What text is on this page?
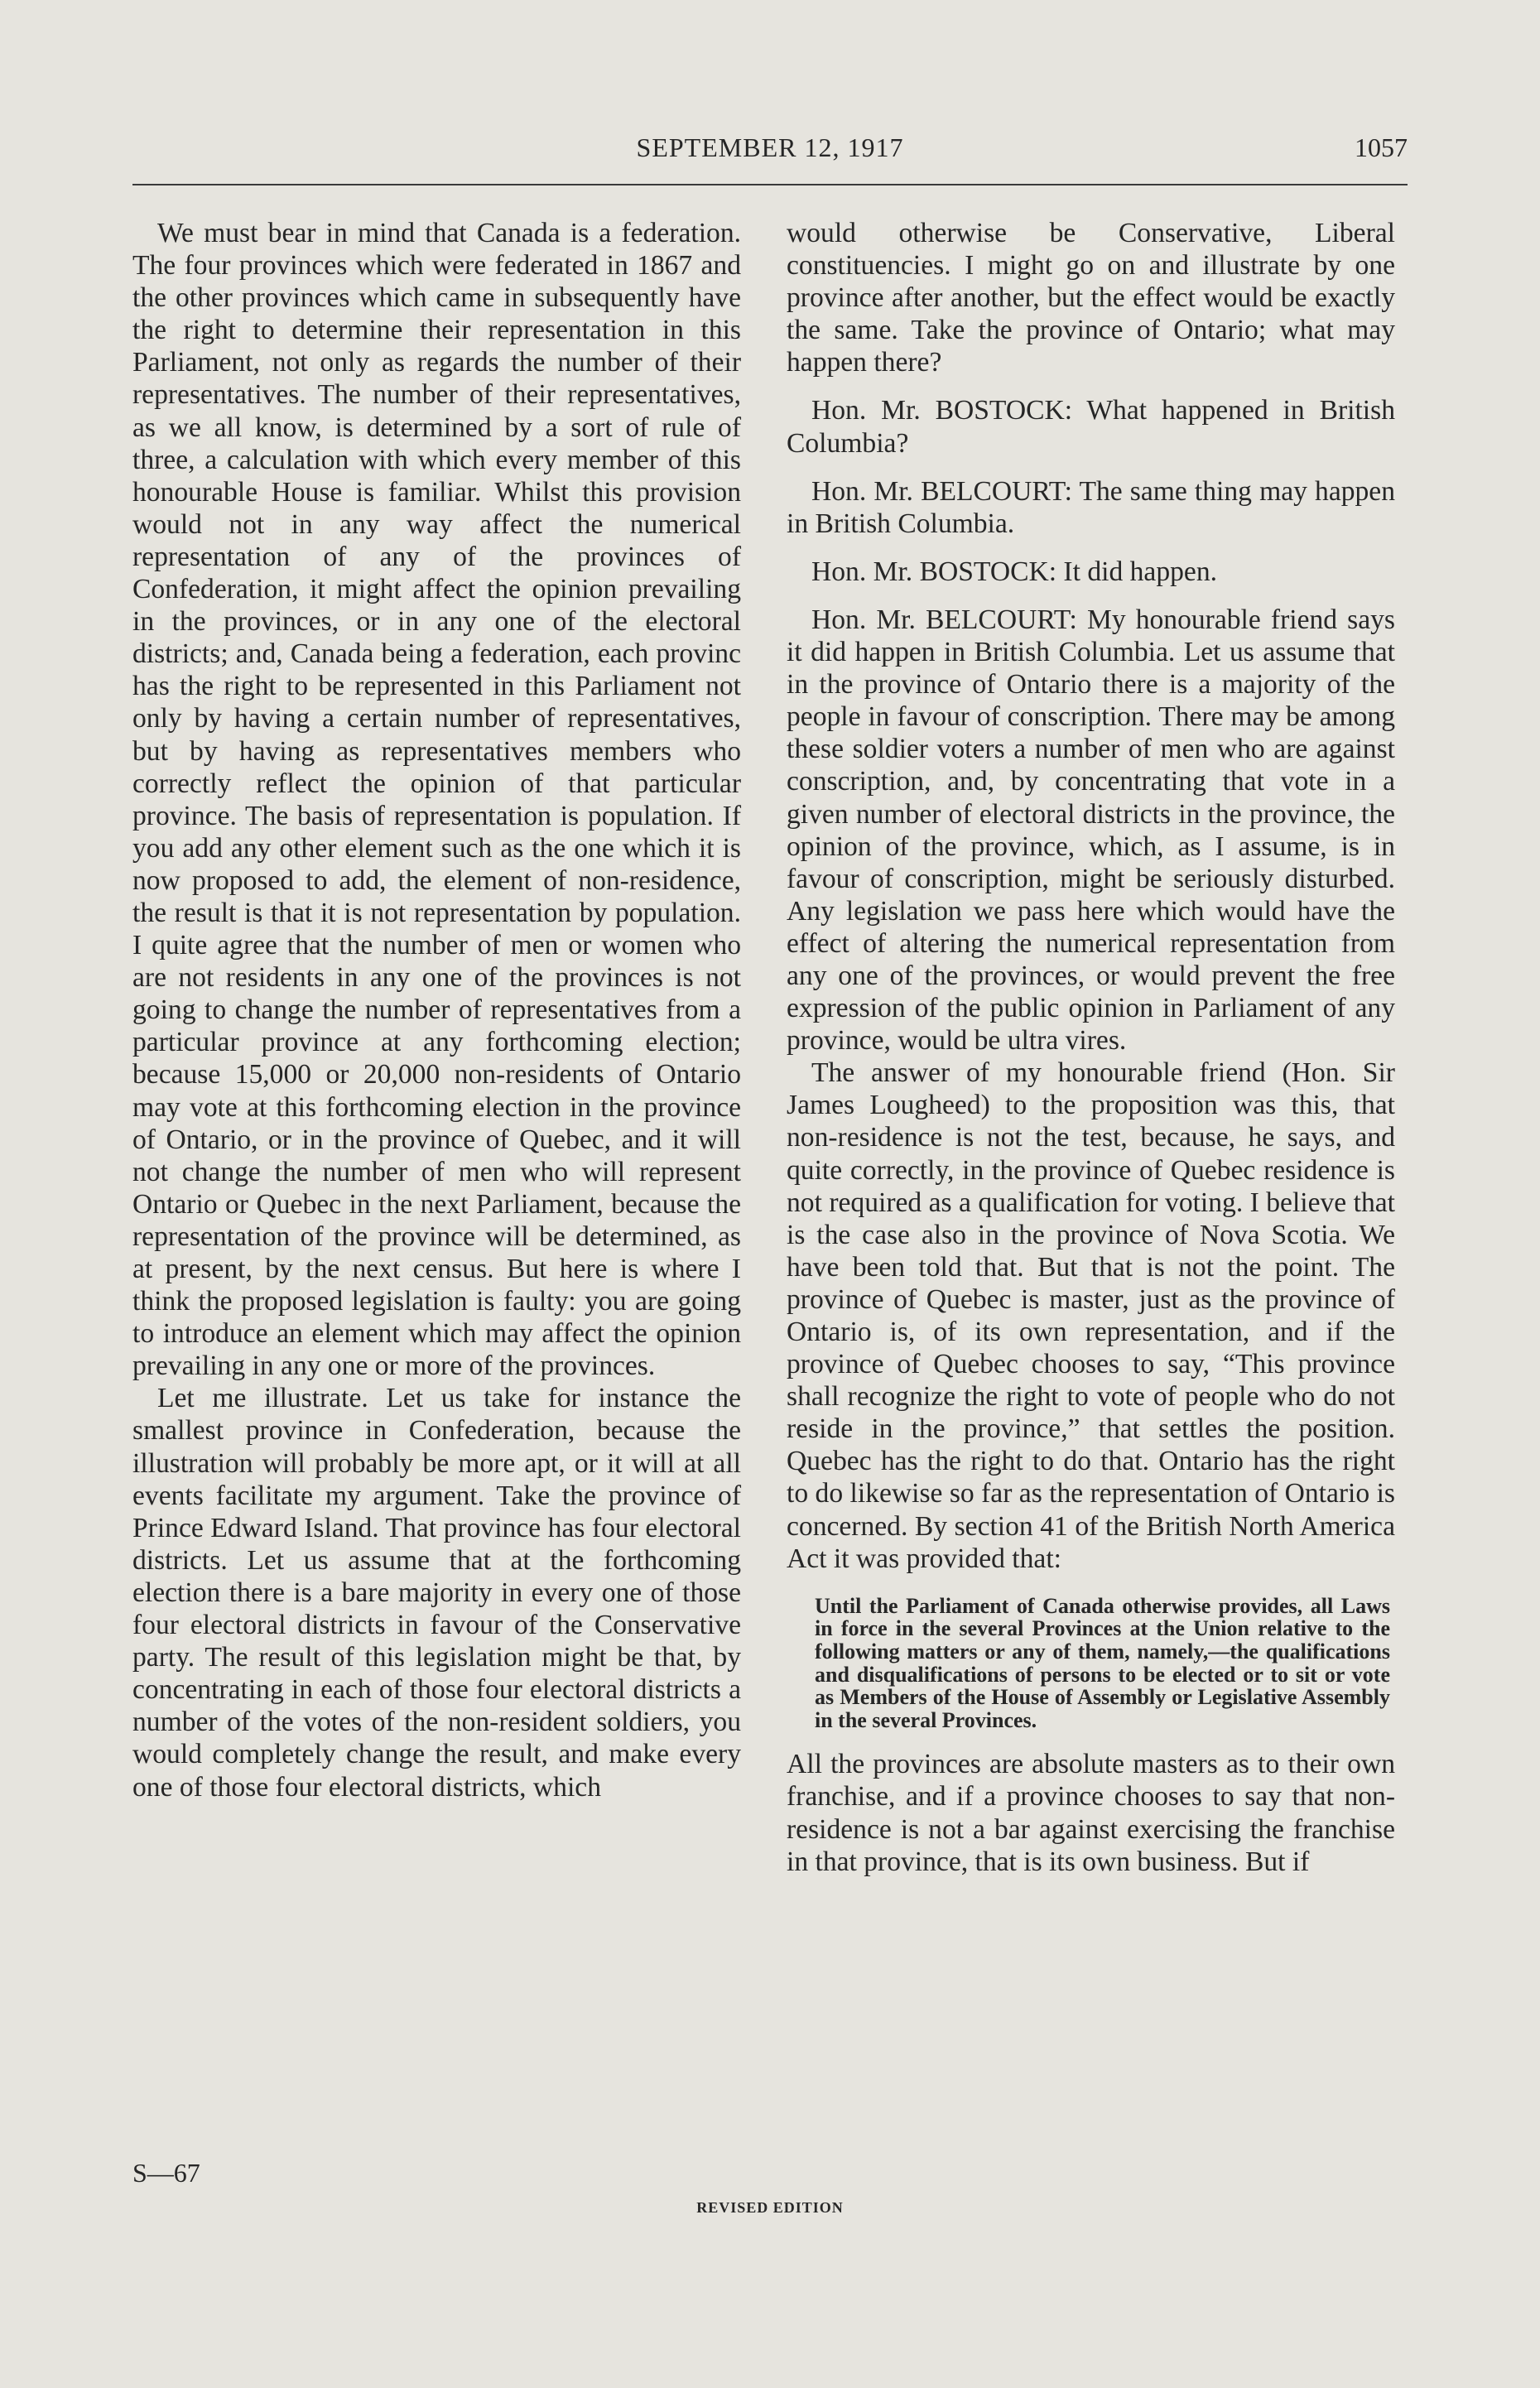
SEPTEMBER 12, 1917	1057

We must bear in mind that Canada is a federation. The four provinces which were federated in 1867 and the other provinces which came in subsequently have the right to determine their representation in this Parliament, not only as regards the number of their representatives. The number of their representatives, as we all know, is determined by a sort of rule of three, a calculation with which every member of this honourable House is familiar. Whilst this provision would not in any way affect the numerical representation of any of the provinces of Confederation, it might affect the opinion prevailing in the provinces, or in any one of the electoral districts; and, Canada being a federation, each provinc has the right to be represented in this Parliament not only by having a certain number of representatives, but by having as representatives members who correctly reflect the opinion of that particular province. The basis of representation is population. If you add any other element such as the one which it is now proposed to add, the element of non-residence, the result is that it is not representation by population. I quite agree that the number of men or women who are not residents in any one of the provinces is not going to change the number of representatives from a particular province at any forthcoming election; because 15,000 or 20,000 non-residents of Ontario may vote at this forthcoming election in the province of Ontario, or in the province of Quebec, and it will not change the number of men who will represent Ontario or Quebec in the next Parliament, because the representation of the province will be determined, as at present, by the next census. But here is where I think the proposed legislation is faulty: you are going to introduce an element which may affect the opinion prevailing in any one or more of the provinces.

Let me illustrate. Let us take for instance the smallest province in Confederation, because the illustration will probably be more apt, or it will at all events facilitate my argument. Take the province of Prince Edward Island. That province has four electoral districts. Let us assume that at the forthcoming election there is a bare majority in every one of those four electoral districts in favour of the Conservative party. The result of this legislation might be that, by concentrating in each of those four electoral districts a number of the votes of the non-resident soldiers, you would completely change the result, and make every one of those four electoral districts, which

would otherwise be Conservative, Liberal constituencies. I might go on and illustrate by one province after another, but the effect would be exactly the same. Take the province of Ontario; what may happen there?

Hon. Mr. BOSTOCK: What happened in British Columbia?

Hon. Mr. BELCOURT: The same thing may happen in British Columbia.

Hon. Mr. BOSTOCK: It did happen.

Hon. Mr. BELCOURT: My honourable friend says it did happen in British Columbia. Let us assume that in the province of Ontario there is a majority of the people in favour of conscription. There may be among these soldier voters a number of men who are against conscription, and, by concentrating that vote in a given number of electoral districts in the province, the opinion of the province, which, as I assume, is in favour of conscription, might be seriously disturbed. Any legislation we pass here which would have the effect of altering the numerical representation from any one of the provinces, or would prevent the free expression of the public opinion in Parliament of any province, would be ultra vires.

The answer of my honourable friend (Hon. Sir James Lougheed) to the proposition was this, that non-residence is not the test, because, he says, and quite correctly, in the province of Quebec residence is not required as a qualification for voting. I believe that is the case also in the province of Nova Scotia. We have been told that. But that is not the point. The province of Quebec is master, just as the province of Ontario is, of its own representation, and if the province of Quebec chooses to say, “This province shall recognize the right to vote of people who do not reside in the province,” that settles the position. Quebec has the right to do that. Ontario has the right to do likewise so far as the representation of Ontario is concerned. By section 41 of the British North America Act it was provided that:

Until the Parliament of Canada otherwise provides, all Laws in force in the several Provinces at the Union relative to the following matters or any of them, namely,—the qualifications and disqualifications of persons to be elected or to sit or vote as Members of the House of Assembly or Legislative Assembly in the several Provinces.

All the provinces are absolute masters as to their own franchise, and if a province chooses to say that non-residence is not a bar against exercising the franchise in that province, that is its own business. But if

S—67
REVISED EDITION
